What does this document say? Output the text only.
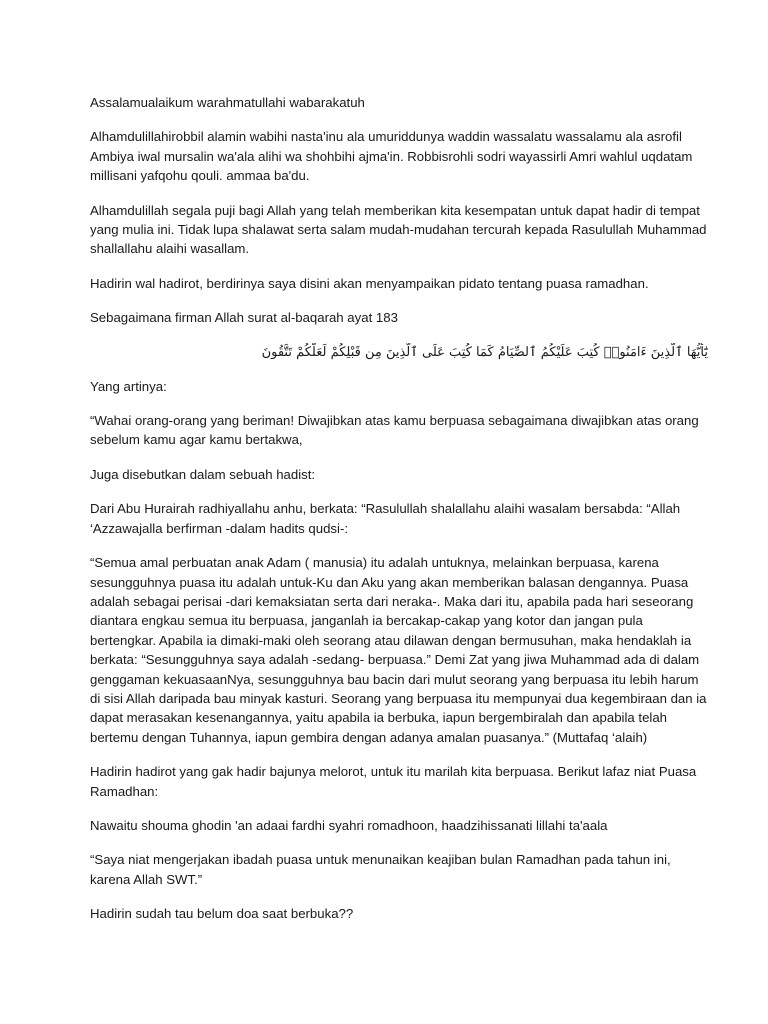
Assalamualaikum warahmatullahi wabarakatuh

Alhamdulillahirobbil alamin wabihi nasta'inu ala umuriddunya waddin wassalatu wassalamu ala asrofil Ambiya iwal mursalin wa'ala alihi wa shohbihi ajma'in. Robbisrohli sodri wayassirli Amri wahlul uqdatam millisani yafqohu qouli. ammaa ba'du.

Alhamdulillah segala puji bagi Allah yang telah memberikan kita kesempatan untuk dapat hadir di tempat yang mulia ini. Tidak lupa shalawat serta salam mudah-mudahan tercurah kepada Rasulullah Muhammad shallallahu alaihi wasallam.

Hadirin wal hadirot, berdirinya saya disini akan menyampaikan pidato tentang puasa ramadhan.

Sebagaimana firman Allah surat al-baqarah ayat 183

يَٰٓأَيُّهَا ٱلَّذِينَ ءَامَنُوا۟ كُتِبَ عَلَيْكُمُ ٱلصِّيَامُ كَمَا كُتِبَ عَلَى ٱلَّذِينَ مِن قَبْلِكُمْ لَعَلَّكُمْ تَتَّقُونَ

Yang artinya:

“Wahai orang-orang yang beriman! Diwajibkan atas kamu berpuasa sebagaimana diwajibkan atas orang sebelum kamu agar kamu bertakwa,

Juga disebutkan dalam sebuah hadist:

Dari Abu Hurairah radhiyallahu anhu, berkata: “Rasulullah shalallahu alaihi wasalam bersabda: “Allah ‘Azzawajalla berfirman -dalam hadits qudsi-:

“Semua amal perbuatan anak Adam ( manusia) itu adalah untuknya, melainkan berpuasa, karena sesungguhnya puasa itu adalah untuk-Ku dan Aku yang akan memberikan balasan dengannya. Puasa adalah sebagai perisai -dari kemaksiatan serta dari neraka-. Maka dari itu, apabila pada hari seseorang diantara engkau semua itu berpuasa, janganlah ia bercakap-cakap yang kotor dan jangan pula bertengkar. Apabila ia dimaki-maki oleh seorang atau dilawan dengan bermusuhan, maka hendaklah ia berkata: “Sesungguhnya saya adalah -sedang- berpuasa.” Demi Zat yang jiwa Muhammad ada di dalam genggaman kekuasaanNya, sesungguhnya bau bacin dari mulut seorang yang berpuasa itu lebih harum di sisi Allah daripada bau minyak kasturi. Seorang yang berpuasa itu mempunyai dua kegembiraan dan ia dapat merasakan kesenangannya, yaitu apabila ia berbuka, iapun bergembiralah dan apabila telah bertemu dengan Tuhannya, iapun gembira dengan adanya amalan puasanya.” (Muttafaq ‘alaih)

Hadirin hadirot yang gak hadir bajunya melorot, untuk itu marilah kita berpuasa. Berikut lafaz niat Puasa Ramadhan:

Nawaitu shouma ghodin 'an adaai fardhi syahri romadhoon, haadzihissanati lillahi ta'aala

“Saya niat mengerjakan ibadah puasa untuk menunaikan keajiban bulan Ramadhan pada tahun ini, karena Allah SWT.”

Hadirin sudah tau belum doa saat berbuka??
